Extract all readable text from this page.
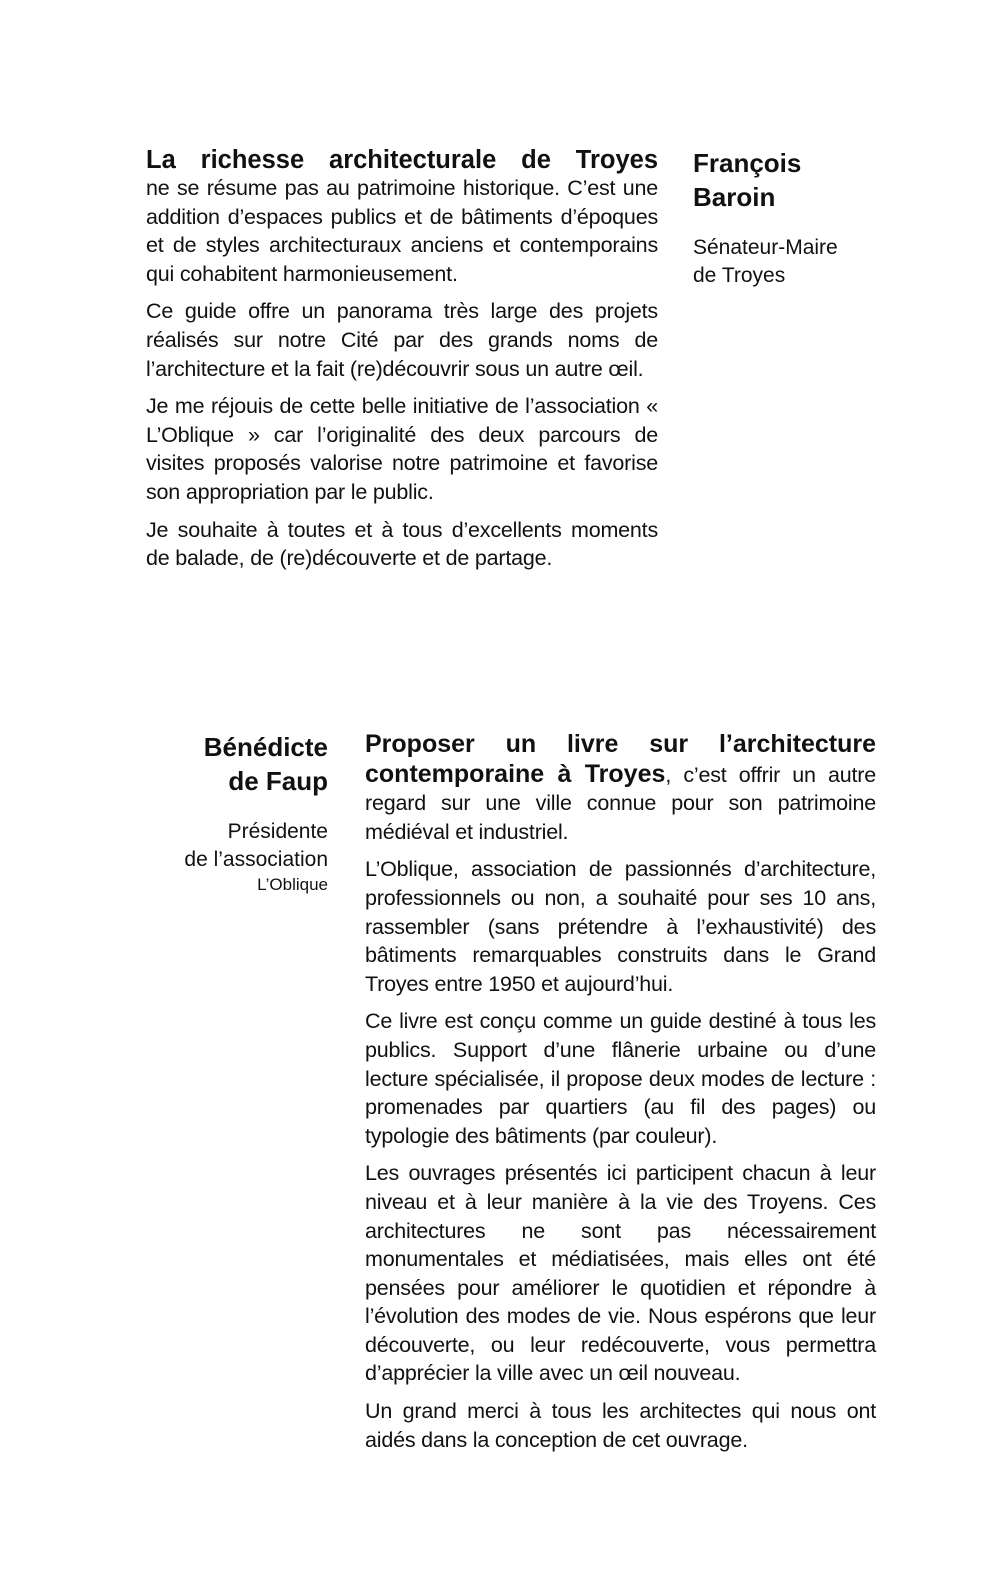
La richesse architecturale de Troyes

ne se résume pas au patrimoine historique. C’est une addition d’espaces publics et de bâtiments d’époques et de styles architecturaux anciens et contemporains qui cohabitent harmonieusement.

Ce guide offre un panorama très large des projets réalisés sur notre Cité par des grands noms de l’architecture et la fait (re)découvrir sous un autre œil.

Je me réjouis de cette belle initiative de l’association « L’Oblique » car l’originalité des deux parcours de visites proposés valorise notre patrimoine et favorise son appropriation par le public.

Je souhaite à toutes et à tous d’excellents moments de balade, de (re)découverte et de partage.

François

Baroin

Sénateur-Maire

de Troyes

Bénédicte

de Faup

Présidente

de l’association

L’Oblique

Proposer un livre sur l’architecture contemporaine à Troyes, c’est offrir un autre regard sur une ville connue pour son patrimoine médiéval et industriel.

L’Oblique, association de passionnés d’architecture, professionnels ou non, a souhaité pour ses 10 ans, rassembler (sans prétendre à l’exhaustivité) des bâtiments remarquables construits dans le Grand Troyes entre 1950 et aujourd’hui.

Ce livre est conçu comme un guide destiné à tous les publics. Support d’une flânerie urbaine ou d’une lecture spécialisée, il propose deux modes de lecture : promenades par quartiers (au fil des pages) ou typologie des bâtiments (par couleur).

Les ouvrages présentés ici participent chacun à leur niveau et à leur manière à la vie des Troyens. Ces architectures ne sont pas nécessairement monumentales et médiatisées, mais elles ont été pensées pour améliorer le quotidien et répondre à l’évolution des modes de vie. Nous espérons que leur découverte, ou leur redécouverte, vous permettra d’apprécier la ville avec un œil nouveau.

Un grand merci à tous les architectes qui nous ont aidés dans la conception de cet ouvrage.
